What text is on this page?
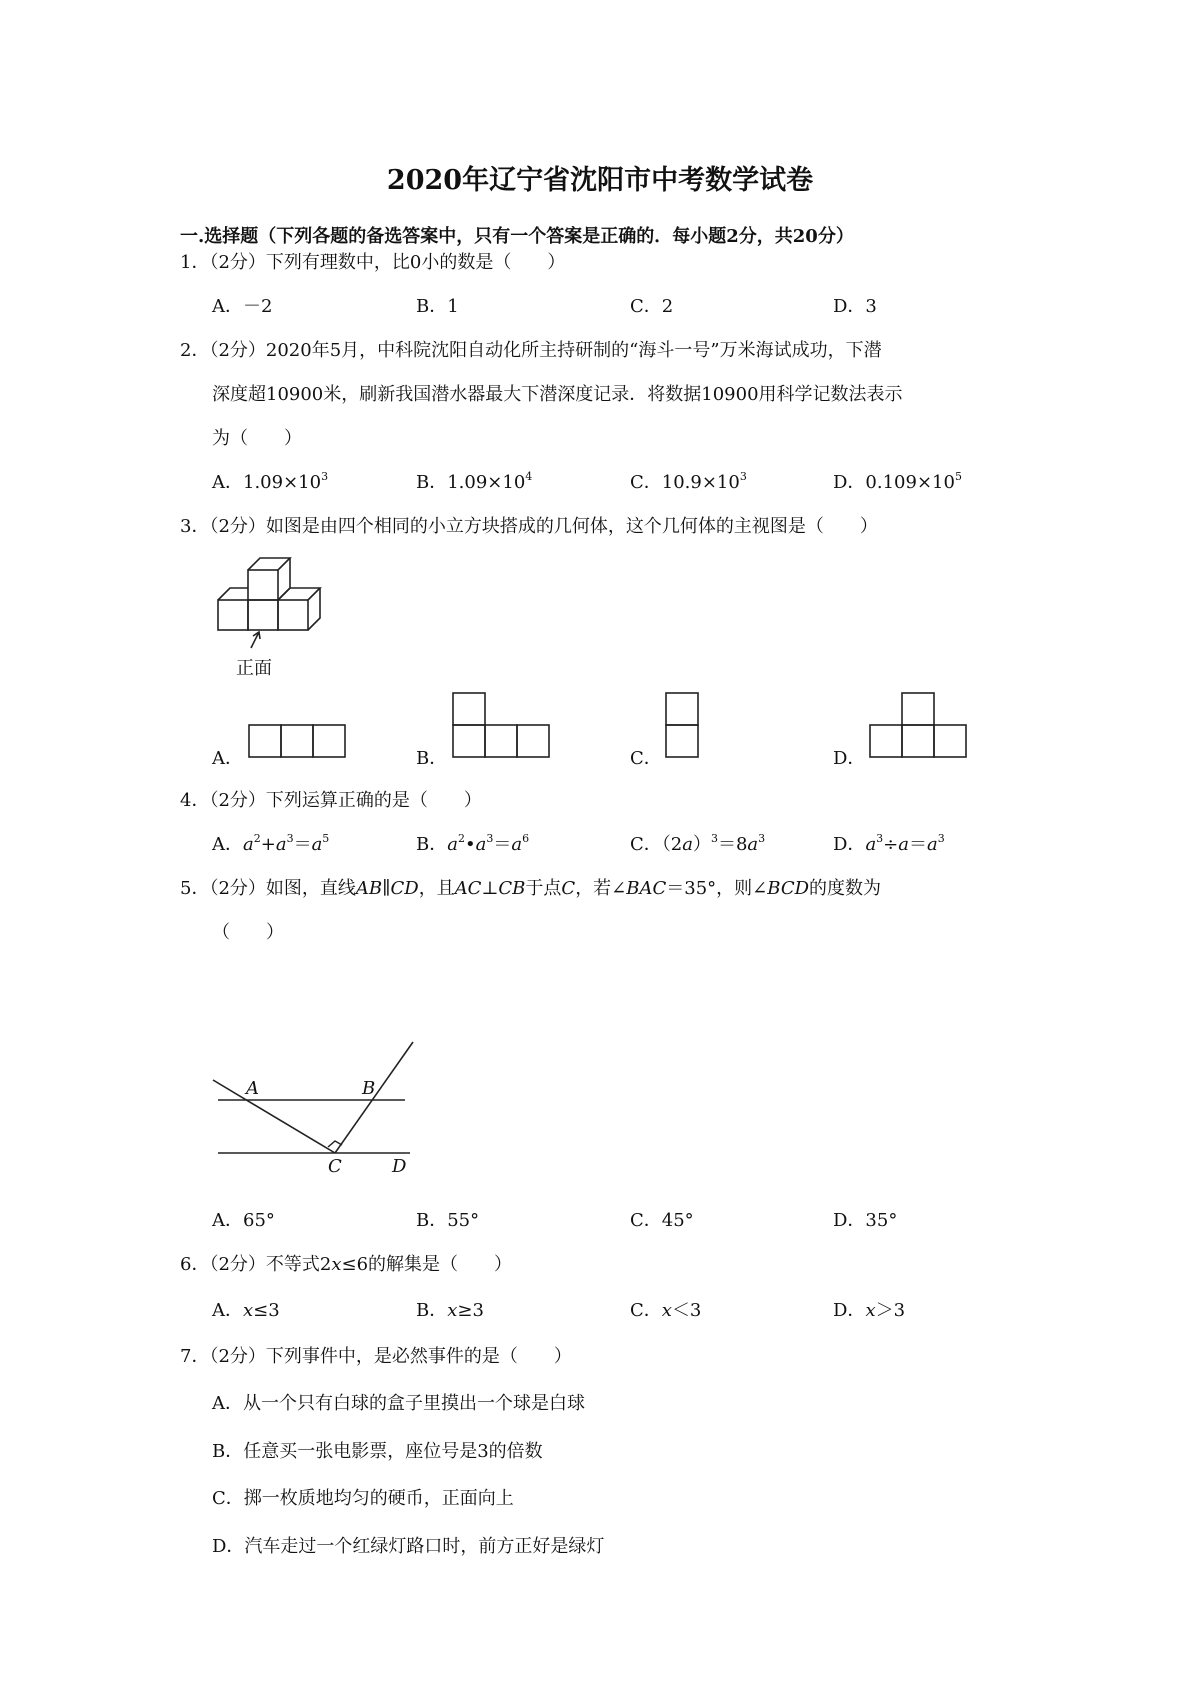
2020年辽宁省沈阳市中考数学试卷
一.选择题（下列各题的备选答案中，只有一个答案是正确的．每小题2分，共20分）
1．（2分）下列有理数中，比0小的数是（　　）
A．－2	B．1	C．2	D．3
2．（2分）2020年5月，中科院沈阳自动化所主持研制的“海斗一号”万米海试成功，下潜
深度超10900米，刷新我国潜水器最大下潜深度记录．将数据10900用科学记数法表示
为（　　）
A．$1.09\times 10^3$	B．$1.09\times 10^4$	C．$10.9\times 10^3$	D．$0.109\times 10^5$
3．（2分）如图是由四个相同的小立方块搭成的几何体，这个几何体的主视图是（　　）
正面
A．	B．	C．	D．
4．（2分）下列运算正确的是（　　）
A．$a^2+a^3=a^5$	B．$a^2•a^3=a^6$	C．$(2a)^3=8a^3$	D．$a^3\div a=a^3$
5．（2分）如图，直线AB∥CD，且AC⊥CB于点C，若∠BAC＝35°，则∠BCD的度数为
（　　）
A	B
C	D
A．65°	B．55°	C．45°	D．35°
6．（2分）不等式2x≤6的解集是（　　）
A．x≤3	B．x≥3	C．x＜3	D．x＞3
7．（2分）下列事件中，是必然事件的是（　　）
A．从一个只有白球的盒子里摸出一个球是白球
B．任意买一张电影票，座位号是3的倍数
C．掷一枚质地均匀的硬币，正面向上
D．汽车走过一个红绿灯路口时，前方正好是绿灯
